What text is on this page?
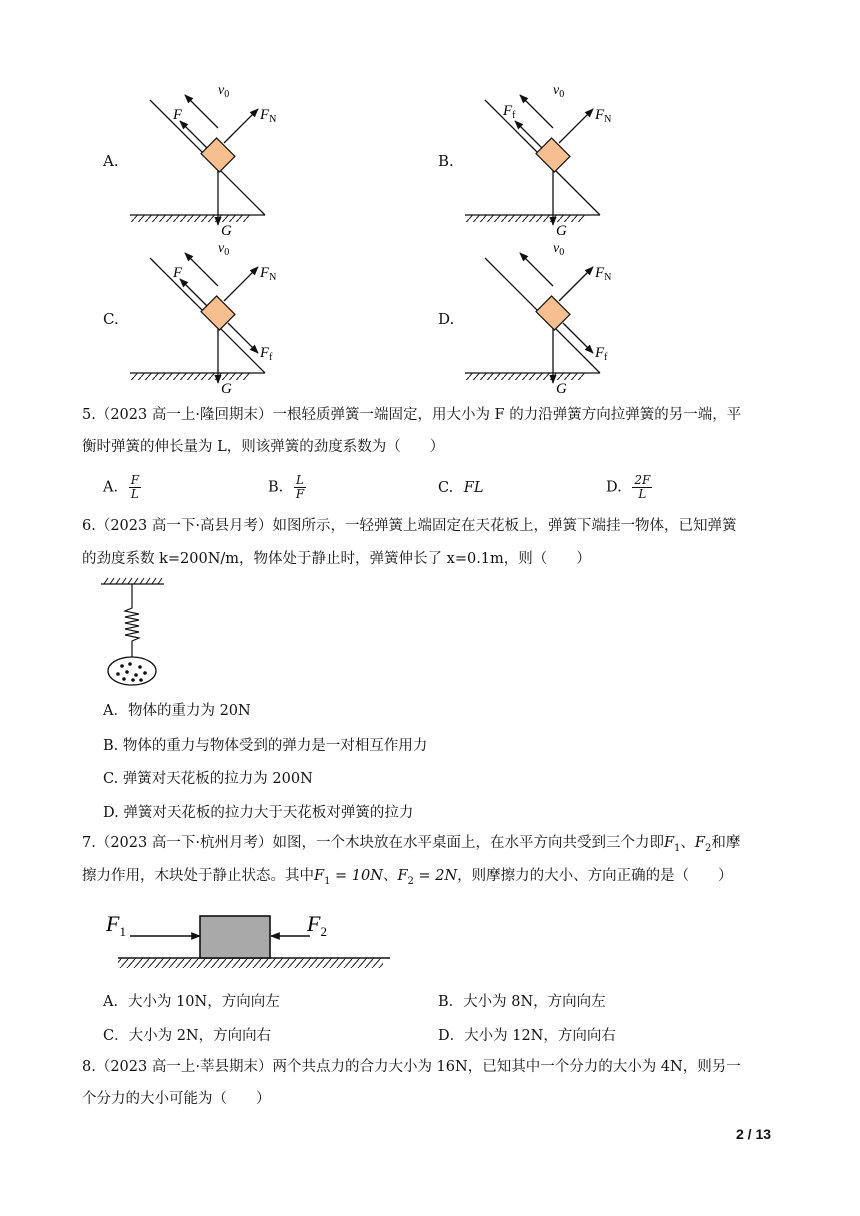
A.
$v_0$
F	$F_N$
G
B.
$v_0$
$F_f$	$F_N$
G
C.
$v_0$
F	$F_N$
$F_f$
G
D.
$v_0$
$F_N$
$F_f$
G
5.（2023 高一上·隆回期末）一根轻质弹簧一端固定，用大小为 F 的力沿弹簧方向拉弹簧的另一端，平
衡时弹簧的伸长量为 L，则该弹簧的劲度系数为（　　）
A. $\frac{F}{L}$	B. $\frac{L}{F}$	C. FL	D. $\frac{2F}{L}$
6.（2023 高一下·高县月考）如图所示，一轻弹簧上端固定在天花板上，弹簧下端挂一物体，已知弹簧
的劲度系数 k=200N/m，物体处于静止时，弹簧伸长了 x=0.1m，则（　　）
A．物体的重力为 20N
B. 物体的重力与物体受到的弹力是一对相互作用力
C. 弹簧对天花板的拉力为 200N
D. 弹簧对天花板的拉力大于天花板对弹簧的拉力
7.（2023 高一下·杭州月考）如图，一个木块放在水平桌面上，在水平方向共受到三个力即$F_1$、$F_2$和摩
擦力作用，木块处于静止状态。其中$F_1 = 10N$、$F_2 = 2N$，则摩擦力的大小、方向正确的是（　　）
$F_1$	$F_2$
A．大小为 10N，方向向左	B．大小为 8N，方向向左
C．大小为 2N，方向向右	D．大小为 12N，方向向右
8.（2023 高一上·莘县期末）两个共点力的合力大小为 16N，已知其中一个分力的大小为 4N，则另一
个分力的大小可能为（　　）
2 / 13
